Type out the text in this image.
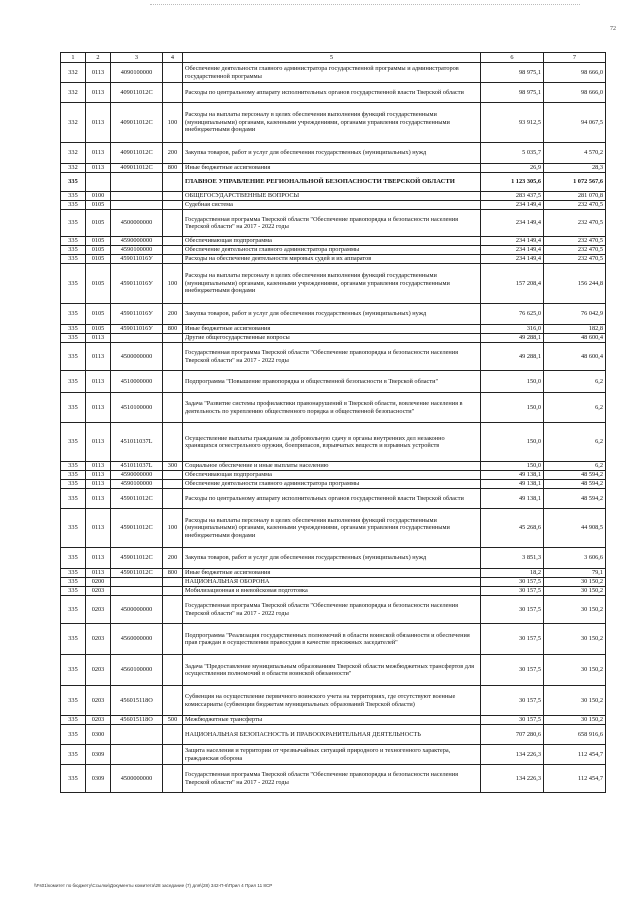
72
1	2	3	4	5	6	7
332	0113	4090100000		Обеспечение деятельности главного администратора государственной программы и администраторов государственной программы	98 975,1	98 666,0
332	0113	409011012С		Расходы по центральному аппарату исполнительных органов государственной власти Тверской области	98 975,1	98 666,0
332	0113	409011012С	100	Расходы на выплаты персоналу в целях обеспечения выполнения функций государственными (муниципальными) органами, казенными учреждениями, органами управления государственными внебюджетными фондами	93 912,5	94 067,5
332	0113	409011012С	200	Закупка товаров, работ и услуг для обеспечения государственных (муниципальных) нужд	5 035,7	4 570,2
332	0113	409011012С	800	Иные бюджетные ассигнования	26,9	28,3
335				ГЛАВНОЕ УПРАВЛЕНИЕ РЕГИОНАЛЬНОЙ БЕЗОПАСНОСТИ ТВЕРСКОЙ ОБЛАСТИ	1 123 305,6	1 072 567,6
335	0100			ОБЩЕГОСУДАРСТВЕННЫЕ ВОПРОСЫ	283 437,5	281 070,8
335	0105			Судебная система	234 149,4	232 470,5
335	0105	4500000000		Государственная программа Тверской области "Обеспечение правопорядка и безопасности населения Тверской области" на 2017 - 2022 годы	234 149,4	232 470,5
335	0105	4590000000		Обеспечивающая подпрограмма	234 149,4	232 470,5
335	0105	4590100000		Обеспечение деятельности главного администратора программы	234 149,4	232 470,5
335	0105	459011016У		Расходы на обеспечение деятельности мировых судей и их аппаратов	234 149,4	232 470,5
335	0105	459011016У	100	Расходы на выплаты персоналу в целях обеспечения выполнения функций государственными (муниципальными) органами, казенными учреждениями, органами управления государственными внебюджетными фондами	157 208,4	156 244,8
335	0105	459011016У	200	Закупка товаров, работ и услуг для обеспечения государственных (муниципальных) нужд	76 625,0	76 042,9
335	0105	459011016У	800	Иные бюджетные ассигнования	316,0	182,8
335	0113			Другие общегосударственные вопросы	49 288,1	48 600,4
335	0113	4500000000		Государственная программа Тверской области "Обеспечение правопорядка и безопасности населения Тверской области" на 2017 - 2022 годы	49 288,1	48 600,4
335	0113	4510000000		Подпрограмма "Повышение правопорядка и общественной безопасности в Тверской области"	150,0	6,2
335	0113	4510100000		Задача "Развитие системы профилактики правонарушений в Тверской области, вовлечение населения в деятельность по укреплению общественного порядка и общественной безопасности"	150,0	6,2
335	0113	451011037L		Осуществление выплаты гражданам за добровольную сдачу в органы внутренних дел незаконно хранящихся огнестрельного оружия, боеприпасов, взрывчатых веществ и взрывных устройств	150,0	6,2
335	0113	451011037L	300	Социальное обеспечение и иные выплаты населению	150,0	6,2
335	0113	4590000000		Обеспечивающая подпрограмма	49 138,1	48 594,2
335	0113	4590100000		Обеспечение деятельности главного администратора программы	49 138,1	48 594,2
335	0113	459011012С		Расходы по центральному аппарату исполнительных органов государственной власти Тверской области	49 138,1	48 594,2
335	0113	459011012С	100	Расходы на выплаты персоналу в целях обеспечения выполнения функций государственными (муниципальными) органами, казенными учреждениями, органами управления государственными внебюджетными фондами	45 268,6	44 908,5
335	0113	459011012С	200	Закупка товаров, работ и услуг для обеспечения государственных (муниципальных) нужд	3 851,3	3 606,6
335	0113	459011012С	800	Иные бюджетные ассигнования	18,2	79,1
335	0200			НАЦИОНАЛЬНАЯ ОБОРОНА	30 157,5	30 150,2
335	0203			Мобилизационная и вневойсковая подготовка	30 157,5	30 150,2
335	0203	4500000000		Государственная программа Тверской области "Обеспечение правопорядка и безопасности населения Тверской области" на 2017 - 2022 годы	30 157,5	30 150,2
335	0203	4560000000		Подпрограмма "Реализация государственных полномочий в области воинской обязанности и обеспечения прав граждан в осуществлении правосудия в качестве присяжных заседателей"	30 157,5	30 150,2
335	0203	4560100000		Задача "Предоставление муниципальным образованиям Тверской области межбюджетных трансфертов для осуществления полномочий в области воинской обязанности"	30 157,5	30 150,2
335	0203	456015118О		Субвенция на осуществление первичного воинского учета на территориях, где отсутствуют военные комиссариаты (субвенции бюджетам муниципальных образований Тверской области)	30 157,5	30 150,2
335	0203	456015118О	500	Межбюджетные трансферты	30 157,5	30 150,2
335	0300			НАЦИОНАЛЬНАЯ БЕЗОПАСНОСТЬ И ПРАВООХРАНИТЕЛЬНАЯ ДЕЯТЕЛЬНОСТЬ	707 280,6	658 916,6
335	0309			Защита населения и территории от чрезвычайных ситуаций природного и техногенного характера, гражданская оборона	134 226,3	112 454,7
335	0309	4500000000		Государственная программа Тверской области "Обеспечение правопорядка и безопасности населения Тверской области" на 2017 - 2022 годы	134 226,3	112 454,7
\\Fs01\комитет по бюджету\Ссылки\Документы комитета\28 заседание (7) для\(28) 342-П-6\Прил 4 Прил 11 8СР
